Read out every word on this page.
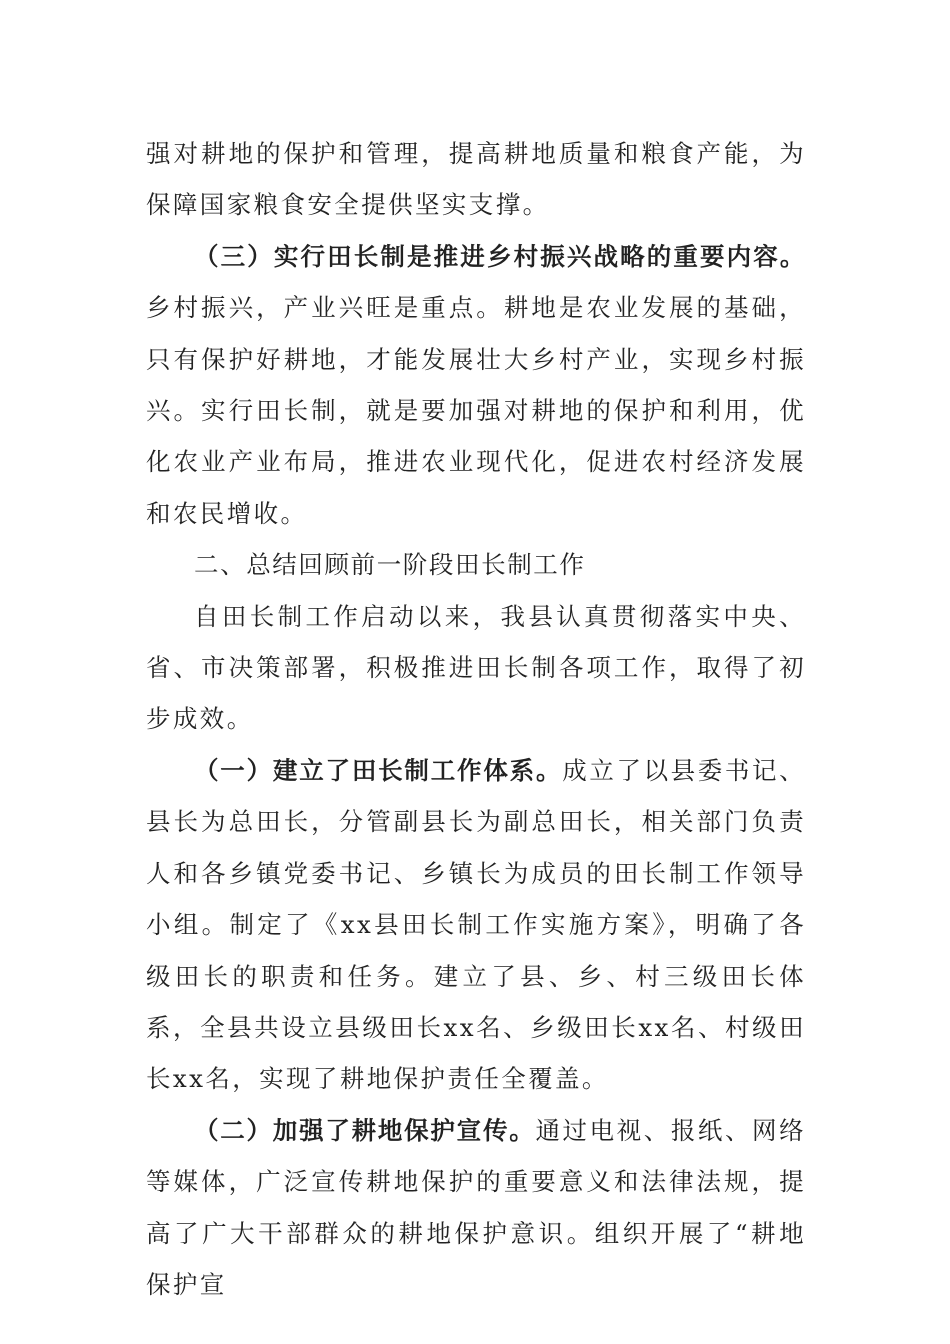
强对耕地的保护和管理，提高耕地质量和粮食产能，为保障国家粮食安全提供坚实支撑。

（三）实行田长制是推进乡村振兴战略的重要内容。乡村振兴，产业兴旺是重点。耕地是农业发展的基础，只有保护好耕地，才能发展壮大乡村产业，实现乡村振兴。实行田长制，就是要加强对耕地的保护和利用，优化农业产业布局，推进农业现代化，促进农村经济发展和农民增收。

二、总结回顾前一阶段田长制工作

自田长制工作启动以来，我县认真贯彻落实中央、省、市决策部署，积极推进田长制各项工作，取得了初步成效。

（一）建立了田长制工作体系。成立了以县委书记、县长为总田长，分管副县长为副总田长，相关部门负责人和各乡镇党委书记、乡镇长为成员的田长制工作领导小组。制定了《xx县田长制工作实施方案》，明确了各级田长的职责和任务。建立了县、乡、村三级田长体系，全县共设立县级田长xx名、乡级田长xx名、村级田长xx名，实现了耕地保护责任全覆盖。

（二）加强了耕地保护宣传。通过电视、报纸、网络等媒体，广泛宣传耕地保护的重要意义和法律法规，提高了广大干部群众的耕地保护意识。组织开展了“耕地保护宣
